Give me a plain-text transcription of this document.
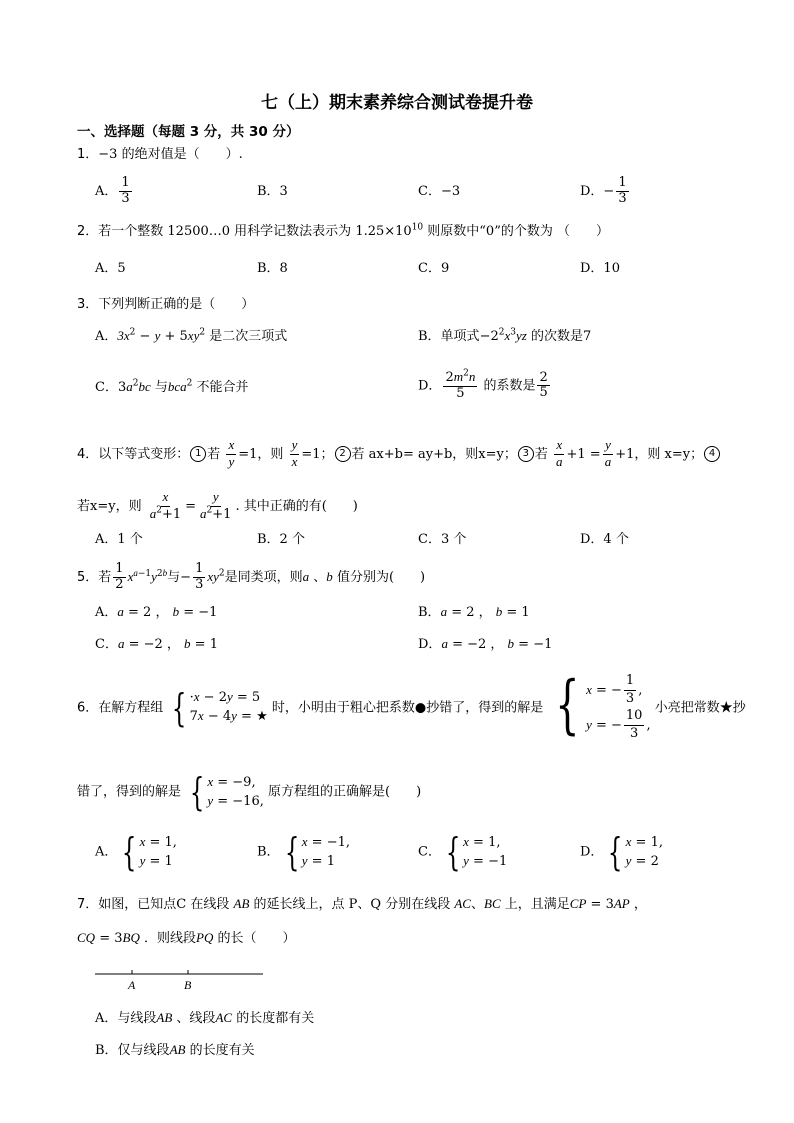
七（上）期末素养综合测试卷提升卷
一、选择题（每题 3 分，共 30 分）
1．−3 的绝对值是（　　）.
A． $\frac{1}{3}$	B．3	C．−3	D．− $\frac{1}{3}$
2．若一个整数 12500…0 用科学记数法表示为 $1.25\times 10^{10}$ 则原数中“0”的个数为 （　　）
A．5	B．8	C．9	D．10
3．下列判断正确的是（　　）
A．$3x^2 - y + 5xy^2$ 是二次三项式	B．单项式$-2^2x^3yz$ 的次数是7
C．$3a^2bc$ 与bca$^2$ 不能合并	D． $\frac{2m^2n}{5}$ 的系数是 $\frac{2}{5}$
4．以下等式变形： 1 若 $\frac{x}{y} =1$，则 $\frac{y}{x} =1$； 2 若 ax+b= ay+b，则x=y； 3 若 $\frac{x}{a} +1 = \frac{y}{a} +1$，则 x=y； 4
若x=y，则 $\frac{x}{a^2+1} = \frac{y}{a^2+1}$ . 其中正确的有(　　)
A．1 个	B．2 个	C．3 个	D．4 个
5．若 $\frac{1}{2} x^{a-1}y^{2b}$与− $\frac{1}{3} xy^2$是同类项，则a 、b 值分别为(　　)
A．a = 2 ， b = −1	B．a = 2 ， b = 1
C．a = −2 ， b = 1	D．a = −2 ， b = −1
6．在解方程组 { ·x − 2y = 5
7x − 4y = ★
时，小明由于粗心把系数●抄错了，得到的解是 { x = − $\frac{1}{3}$ ,
y = − $\frac{10}{3}$ ,
小亮把常数★抄
错了，得到的解是 { x = −9,
y = −16,
原方程组的正确解是(　　)
A． { x = 1,
y = 1
B． { x = −1,
y = 1
C． { x = 1,
y = −1
D． { x = 1,
y = 2
7．如图，已知点C 在线段 AB 的延长线上，点 P、Q 分别在线段 AC、BC 上，且满足CP = 3AP ，
CQ = 3BQ ．则线段PQ 的长（　　）
A	B
A．与线段AB 、线段AC 的长度都有关
B．仅与线段AB 的长度有关
